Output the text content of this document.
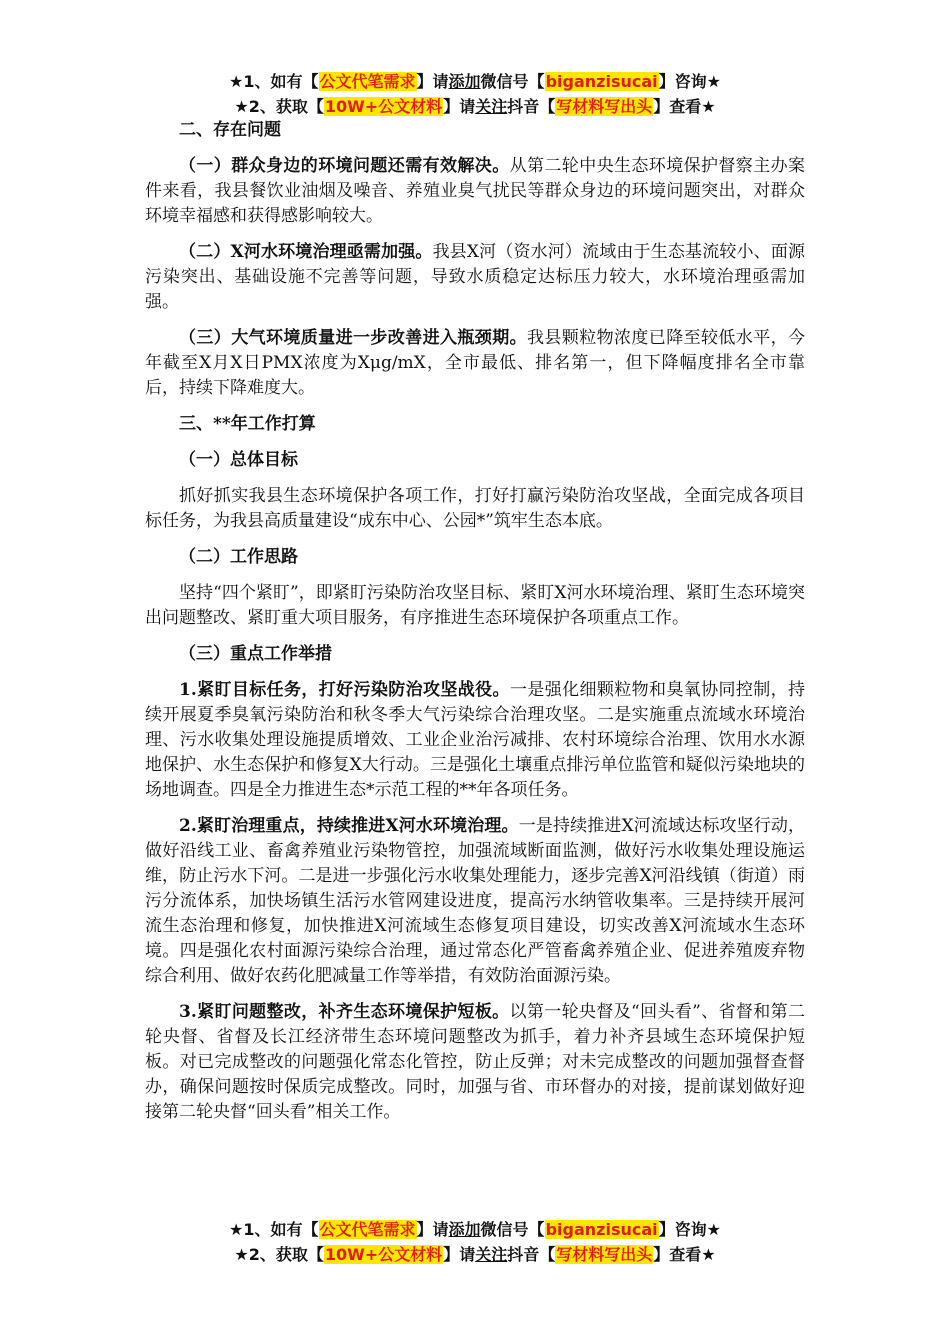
★1、如有【公文代笔需求】请添加微信号【biganzisucai】咨询★
★2、获取【10W+公文材料】请关注抖音【写材料写出头】查看★

二、存在问题

（一）群众身边的环境问题还需有效解决。从第二轮中央生态环境保护督察主办案件来看，我县餐饮业油烟及噪音、养殖业臭气扰民等群众身边的环境问题突出，对群众环境幸福感和获得感影响较大。

（二）X河水环境治理亟需加强。我县X河（资水河）流域由于生态基流较小、面源污染突出、基础设施不完善等问题，导致水质稳定达标压力较大，水环境治理亟需加强。

（三）大气环境质量进一步改善进入瓶颈期。我县颗粒物浓度已降至较低水平，今年截至X月X日PMX浓度为Xμg/mX，全市最低、排名第一，但下降幅度排名全市靠后，持续下降难度大。

三、**年工作打算

（一）总体目标

抓好抓实我县生态环境保护各项工作，打好打赢污染防治攻坚战，全面完成各项目标任务，为我县高质量建设“成东中心、公园*”筑牢生态本底。

（二）工作思路

坚持“四个紧盯”，即紧盯污染防治攻坚目标、紧盯X河水环境治理、紧盯生态环境突出问题整改、紧盯重大项目服务，有序推进生态环境保护各项重点工作。

（三）重点工作举措

1.紧盯目标任务，打好污染防治攻坚战役。一是强化细颗粒物和臭氧协同控制，持续开展夏季臭氧污染防治和秋冬季大气污染综合治理攻坚。二是实施重点流域水环境治理、污水收集处理设施提质增效、工业企业治污减排、农村环境综合治理、饮用水水源地保护、水生态保护和修复X大行动。三是强化土壤重点排污单位监管和疑似污染地块的场地调查。四是全力推进生态*示范工程的**年各项任务。

2.紧盯治理重点，持续推进X河水环境治理。一是持续推进X河流域达标攻坚行动，做好沿线工业、畜禽养殖业污染物管控，加强流域断面监测，做好污水收集处理设施运维，防止污水下河。二是进一步强化污水收集处理能力，逐步完善X河沿线镇（街道）雨污分流体系，加快场镇生活污水管网建设进度，提高污水纳管收集率。三是持续开展河流生态治理和修复，加快推进X河流域生态修复项目建设，切实改善X河流域水生态环境。四是强化农村面源污染综合治理，通过常态化严管畜禽养殖企业、促进养殖废弃物综合利用、做好农药化肥减量工作等举措，有效防治面源污染。

3.紧盯问题整改，补齐生态环境保护短板。以第一轮央督及“回头看”、省督和第二轮央督、省督及长江经济带生态环境问题整改为抓手，着力补齐县域生态环境保护短板。对已完成整改的问题强化常态化管控，防止反弹；对未完成整改的问题加强督查督办，确保问题按时保质完成整改。同时，加强与省、市环督办的对接，提前谋划做好迎接第二轮央督“回头看”相关工作。

★1、如有【公文代笔需求】请添加微信号【biganzisucai】咨询★
★2、获取【10W+公文材料】请关注抖音【写材料写出头】查看★
